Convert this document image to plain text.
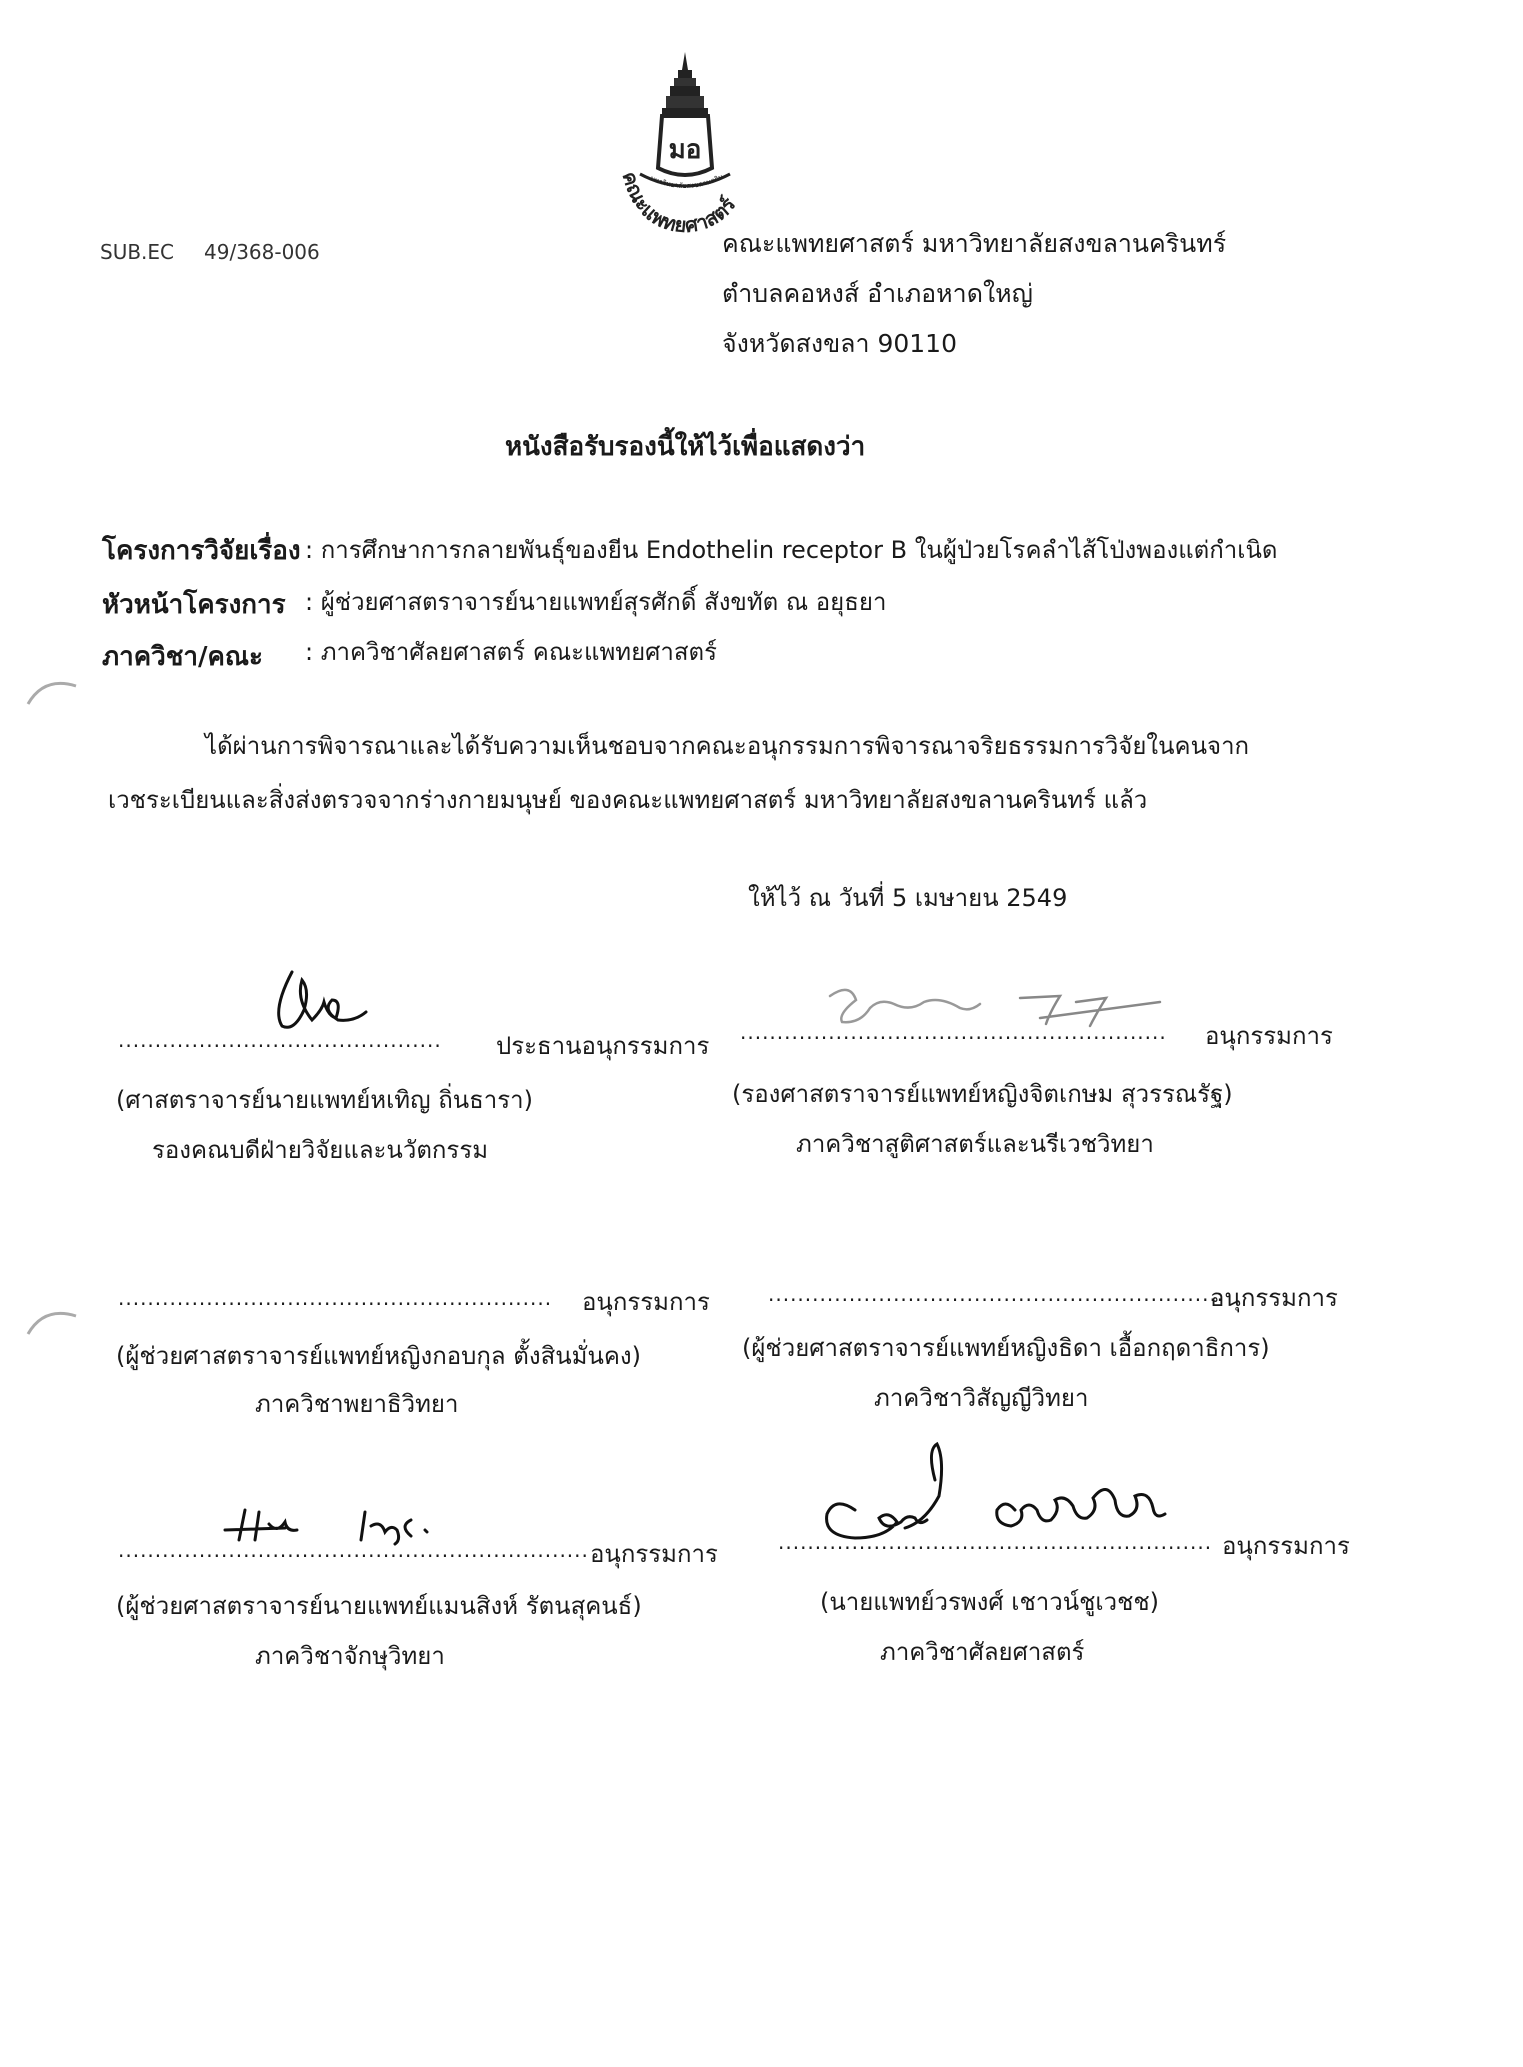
มอ
มหาวิทยาลัยสงขลานคริน
คณะแพทยศาสตร์
SUB.EC 49/368-006	คณะแพทยศาสตร์ มหาวิทยาลัยสงขลานครินทร์
ตำบลคอหงส์ อำเภอหาดใหญ่
จังหวัดสงขลา 90110
หนังสือรับรองนี้ให้ไว้เพื่อแสดงว่า
โครงการวิจัยเรื่อง : การศึกษาการกลายพันธุ์ของยีน Endothelin receptor B ในผู้ป่วยโรคลำไส้โป่งพองแต่กำเนิด
หัวหน้าโครงการ : ผู้ช่วยศาสตราจารย์นายแพทย์สุรศักดิ์ สังขทัต ณ อยุธยา
ภาควิชา/คณะ : ภาควิชาศัลยศาสตร์ คณะแพทยศาสตร์
ได้ผ่านการพิจารณาและได้รับความเห็นชอบจากคณะอนุกรรมการพิจารณาจริยธรรมการวิจัยในคนจาก
เวชระเบียนและสิ่งส่งตรวจจากร่างกายมนุษย์ ของคณะแพทยศาสตร์ มหาวิทยาลัยสงขลานครินทร์ แล้ว
ให้ไว้ ณ วันที่ 5 เมษายน 2549
............................................ ประธานอนุกรรมการ
(ศาสตราจารย์นายแพทย์หเทิญ ถิ่นธารา)
รองคณบดีฝ่ายวิจัยและนวัตกรรม
.......................................................... อนุกรรมการ
(รองศาสตราจารย์แพทย์หญิงจิตเกษม สุวรรณรัฐ)
ภาควิชาสูติศาสตร์และนรีเวชวิทยา
........................................................... อนุกรรมการ
(ผู้ช่วยศาสตราจารย์แพทย์หญิงกอบกุล ตั้งสินมั่นคง)
ภาควิชาพยาธิวิทยา
..............................................................
อนุกรรมการ
(ผู้ช่วยศาสตราจารย์แพทย์หญิงธิดา เอื้อกฤดาธิการ)
ภาควิชาวิสัญญีวิทยา
................................................................ อนุกรรมการ
(ผู้ช่วยศาสตราจารย์นายแพทย์แมนสิงห์ รัตนสุคนธ์)
ภาควิชาจักษุวิทยา
........................................................... อนุกรรมการ
(นายแพทย์วรพงศ์ เชาวน์ชูเวชช)
ภาควิชาศัลยศาสตร์
